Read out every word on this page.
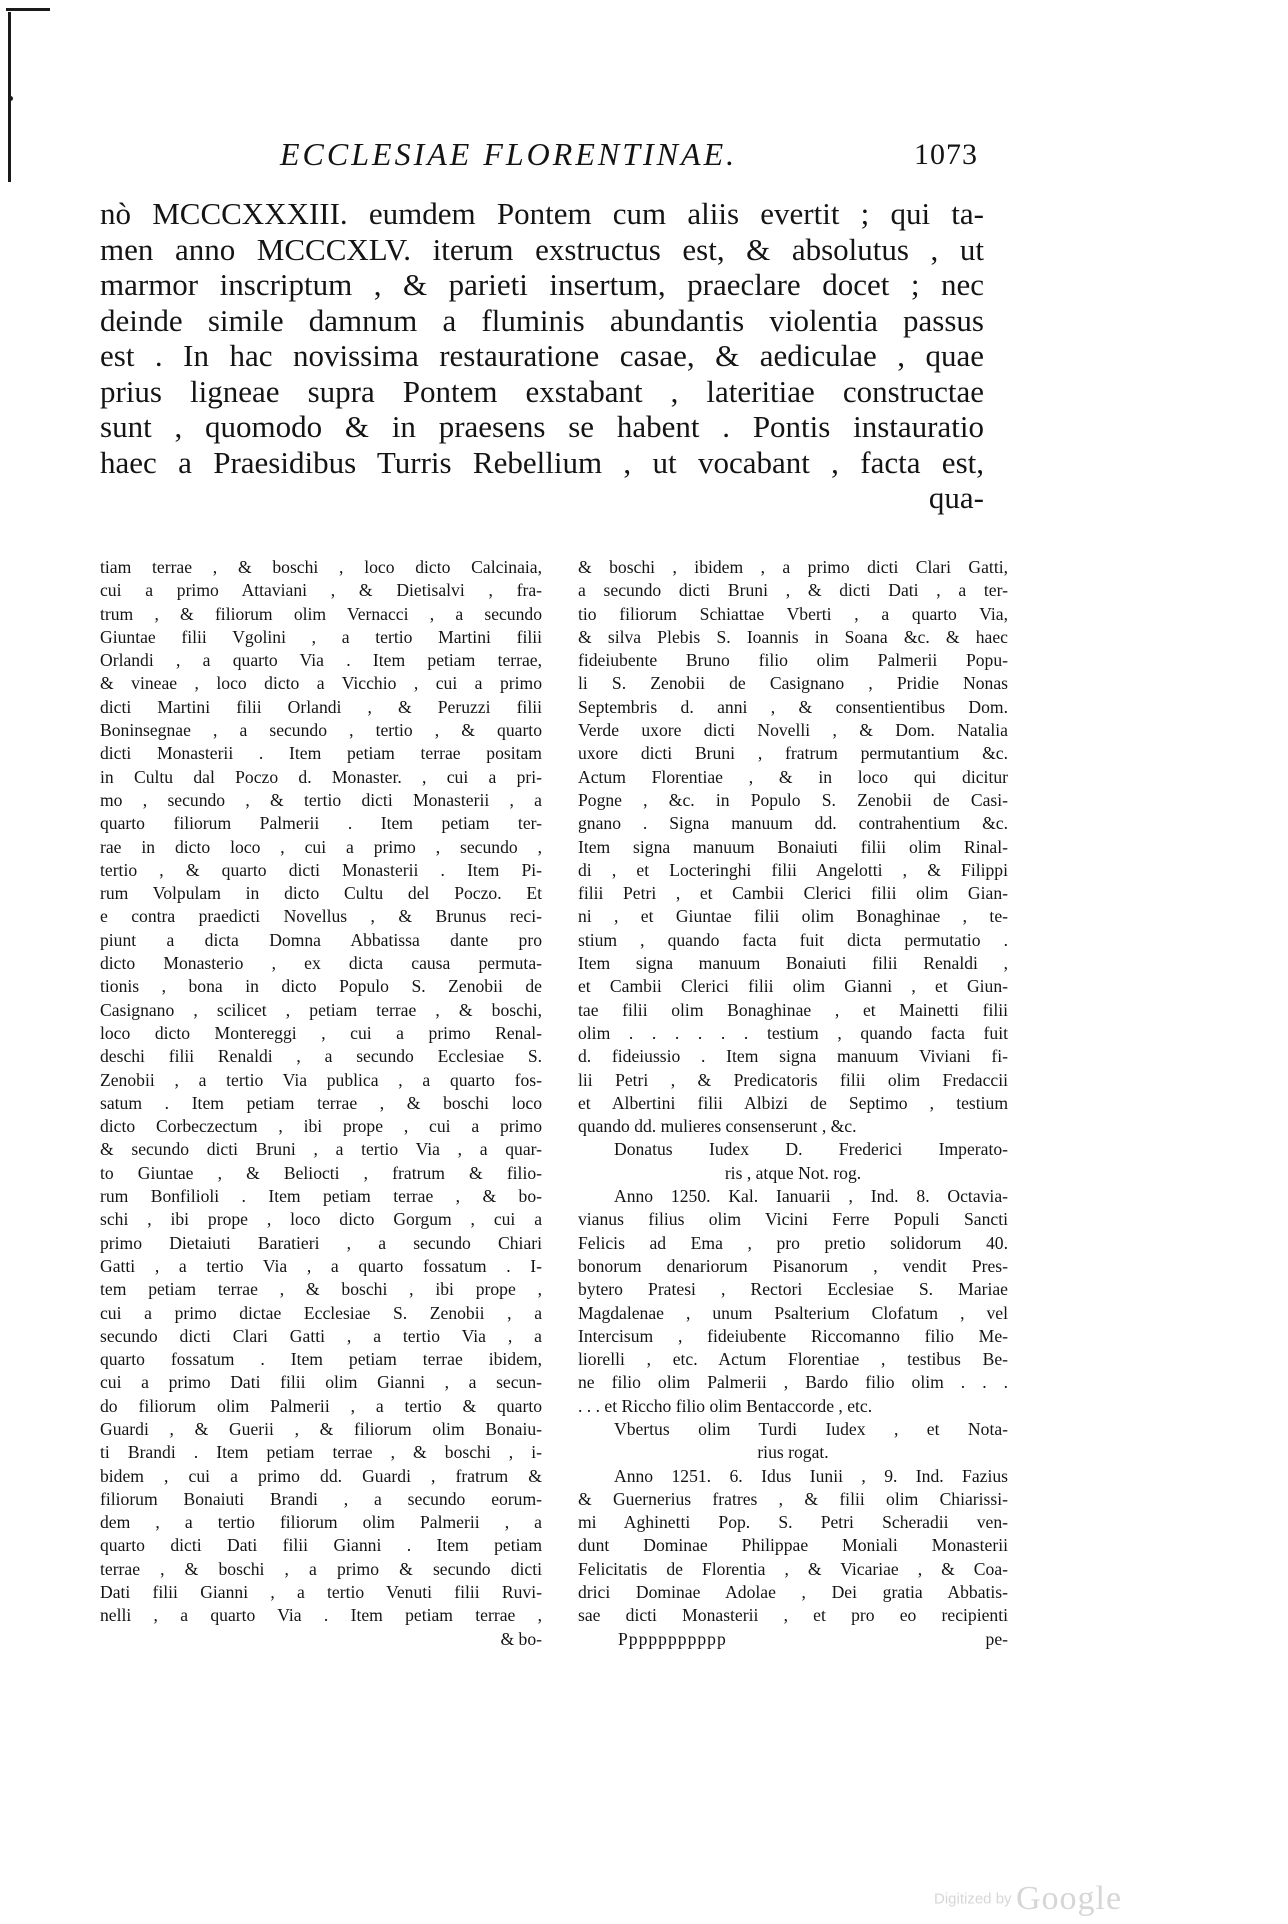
ECCLESIAE FLORENTINAE.	1073
nò MCCCXXXIII. eumdem Pontem cum aliis evertit ; qui ta-
men anno MCCCXLV. iterum exstructus est, & absolutus , ut
marmor inscriptum , & parieti insertum, praeclare docet ; nec
deinde simile damnum a fluminis abundantis violentia passus
est . In hac novissima restauratione casae, & aediculae , quae
prius ligneae supra Pontem exstabant , lateritiae constructae
sunt , quomodo & in praesens se habent . Pontis instauratio
haec a Praesidibus Turris Rebellium , ut vocabant , facta est,
qua-
tiam terrae , & boschi , loco dicto Calcinaia,
cui a primo Attaviani , & Dietisalvi , fra-
trum , & filiorum olim Vernacci , a secundo
Giuntae filii Vgolini , a tertio Martini filii
Orlandi , a quarto Via . Item petiam terrae,
& vineae , loco dicto a Vicchio , cui a primo
dicti Martini filii Orlandi , & Peruzzi filii
Boninsegnae , a secundo , tertio , & quarto
dicti Monasterii . Item petiam terrae positam
in Cultu dal Poczo d. Monaster. , cui a pri-
mo , secundo , & tertio dicti Monasterii , a
quarto filiorum Palmerii . Item petiam ter-
rae in dicto loco , cui a primo , secundo ,
tertio , & quarto dicti Monasterii . Item Pi-
rum Volpulam in dicto Cultu del Poczo. Et
e contra praedicti Novellus , & Brunus reci-
piunt a dicta Domna Abbatissa dante pro
dicto Monasterio , ex dicta causa permuta-
tionis , bona in dicto Populo S. Zenobii de
Casignano , scilicet , petiam terrae , & boschi,
loco dicto Montereggi , cui a primo Renal-
deschi filii Renaldi , a secundo Ecclesiae S.
Zenobii , a tertio Via publica , a quarto fos-
satum . Item petiam terrae , & boschi loco
dicto Corbeczectum , ibi prope , cui a primo
& secundo dicti Bruni , a tertio Via , a quar-
to Giuntae , & Beliocti , fratrum & filio-
rum Bonfilioli . Item petiam terrae , & bo-
schi , ibi prope , loco dicto Gorgum , cui a
primo Dietaiuti Baratieri , a secundo Chiari
Gatti , a tertio Via , a quarto fossatum . I-
tem petiam terrae , & boschi , ibi prope ,
cui a primo dictae Ecclesiae S. Zenobii , a
secundo dicti Clari Gatti , a tertio Via , a
quarto fossatum . Item petiam terrae ibidem,
cui a primo Dati filii olim Gianni , a secun-
do filiorum olim Palmerii , a tertio & quarto
Guardi , & Guerii , & filiorum olim Bonaiu-
ti Brandi . Item petiam terrae , & boschi , i-
bidem , cui a primo dd. Guardi , fratrum &
filiorum Bonaiuti Brandi , a secundo eorum-
dem , a tertio filiorum olim Palmerii , a
quarto dicti Dati filii Gianni . Item petiam
terrae , & boschi , a primo & secundo dicti
Dati filii Gianni , a tertio Venuti filii Ruvi-
nelli , a quarto Via . Item petiam terrae ,
& bo-
& boschi , ibidem , a primo dicti Clari Gatti,
a secundo dicti Bruni , & dicti Dati , a ter-
tio filiorum Schiattae Vberti , a quarto Via,
& silva Plebis S. Ioannis in Soana &c. & haec
fideiubente Bruno filio olim Palmerii Popu-
li S. Zenobii de Casignano , Pridie Nonas
Septembris d. anni , & consentientibus Dom.
Verde uxore dicti Novelli , & Dom. Natalia
uxore dicti Bruni , fratrum permutantium &c.
Actum Florentiae , & in loco qui dicitur
Pogne , &c. in Populo S. Zenobii de Casi-
gnano . Signa manuum dd. contrahentium &c.
Item signa manuum Bonaiuti filii olim Rinal-
di , et Locteringhi filii Angelotti , & Filippi
filii Petri , et Cambii Clerici filii olim Gian-
ni , et Giuntae filii olim Bonaghinae , te-
stium , quando facta fuit dicta permutatio .
Item signa manuum Bonaiuti filii Renaldi ,
et Cambii Clerici filii olim Gianni , et Giun-
tae filii olim Bonaghinae , et Mainetti filii
olim . . . . . . testium , quando facta fuit
d. fideiussio . Item signa manuum Viviani fi-
lii Petri , & Predicatoris filii olim Fredaccii
et Albertini filii Albizi de Septimo , testium
quando dd. mulieres consenserunt , &c.
Donatus Iudex D. Frederici Imperato-
ris , atque Not. rog.
Anno 1250. Kal. Ianuarii , Ind. 8. Octavia-
vianus filius olim Vicini Ferre Populi Sancti
Felicis ad Ema , pro pretio solidorum 40.
bonorum denariorum Pisanorum , vendit Pres-
bytero Pratesi , Rectori Ecclesiae S. Mariae
Magdalenae , unum Psalterium Clofatum , vel
Intercisum , fideiubente Riccomanno filio Me-
liorelli , etc. Actum Florentiae , testibus Be-
ne filio olim Palmerii , Bardo filio olim . . .
. . . et Riccho filio olim Bentaccorde , etc.
Vbertus olim Turdi Iudex , et Nota-
rius rogat.
Anno 1251. 6. Idus Iunii , 9. Ind. Fazius
& Guernerius fratres , & filii olim Chiarissi-
mi Aghinetti Pop. S. Petri Scheradii ven-
dunt Dominae Philippae Moniali Monasterii
Felicitatis de Florentia , & Vicariae , & Coa-
drici Dominae Adolae , Dei gratia Abbatis-
sae dicti Monasterii , et pro eo recipienti
Ppppppppppp	pe-
Digitized by Google
